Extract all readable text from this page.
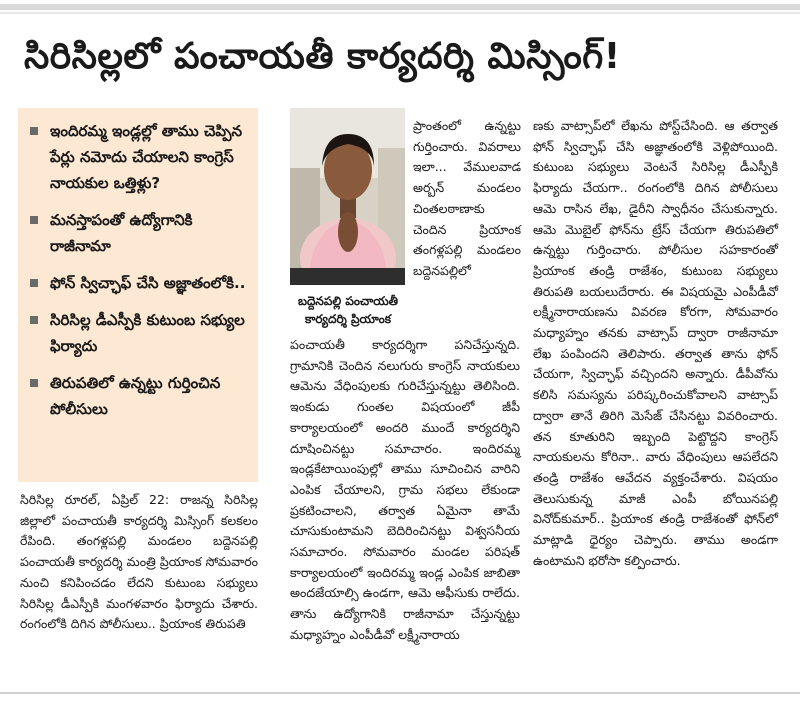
సిరిసిల్లలో పంచాయతీ కార్యదర్శి మిస్సింగ్!
ఇందిరమ్మ ఇండ్లల్లో తాము చెప్పిన పేర్లు నమోదు చేయాలని కాంగ్రెస్ నాయకుల ఒత్తిళ్లు?
మనస్తాపంతో ఉద్యోగానికి రాజీనామా
ఫోన్ స్విచ్ఛాఫ్ చేసి అజ్ఞాతంలోకి..
సిరిసిల్ల డీఎస్పీకి కుటుంబ సభ్యుల ఫిర్యాదు
తిరుపతిలో ఉన్నట్టు గుర్తించిన పోలీసులు
బద్దెనపల్లి పంచాయతీ కార్యదర్శి ప్రియాంక

సిరిసిల్ల రూరల్, ఏప్రిల్ 22: రాజన్న సిరిసిల్ల జిల్లాలో పంచాయతీ కార్యదర్శి మిస్సింగ్ కలకలం రేపింది. తంగళ్లపల్లి మండలం బద్దెనపల్లి పంచాయతీ కార్యదర్శి మంత్రి ప్రియాంక సోమవారం నుంచి కనిపించడం లేదని కుటుంబ సభ్యులు సిరిసిల్ల డీఎస్పీకి మంగళవారం ఫిర్యాదు చేశారు. రంగంలోకి దిగిన పోలీసులు.. ప్రియాంక తిరుపతి

ప్రాంతంలో ఉన్నట్టు గుర్తించారు. వివరాలు ఇలా... వేములవాడ అర్బన్ మండలం చింతలఠాణాకు చెందిన ప్రియాంక తంగళ్లపల్లి మండలం బద్దెనపల్లిలో

పంచాయతీ కార్యదర్శిగా పనిచేస్తున్నది. గ్రామానికి చెందిన నలుగురు కాంగ్రెస్ నాయకులు ఆమెను వేధింపులకు గురిచేస్తున్నట్టు తెలిసింది. ఇంకుడు గుంతల విషయంలో జీపీ కార్యాలయంలో అందరి ముందే కార్యదర్శిని దూషించినట్టు సమాచారం. ఇందిరమ్మ ఇండ్లకేటాయింపుల్లో తాము సూచించిన వారిని ఎంపిక చేయాలని, గ్రామ సభలు లేకుండా ప్రకటించాలని, తర్వాత ఏమైనా తామే చూసుకుంటామని బెదిరించినట్టు విశ్వసనీయ సమాచారం. సోమవారం మండల పరిషత్ కార్యాలయంలో ఇందిరమ్మ ఇండ్ల ఎంపిక జాబితా అందజేయాల్సి ఉండగా, ఆమె ఆఫీసుకు రాలేదు. తాను ఉద్యోగానికి రాజీనామా చేస్తున్నట్టు మధ్యాహ్నం ఎంపీడీవో లక్ష్మీనారాయ

ణకు వాట్సాప్‌లో లేఖను పోస్ట్‌చేసింది. ఆ తర్వాత ఫోన్ స్విచ్ఛాఫ్ చేసి అజ్ఞాతంలోకి వెళ్లిపోయింది. కుటుంబ సభ్యులు వెంటనే సిరిసిల్ల డీఎస్పీకి ఫిర్యాదు చేయగా.. రంగంలోకి దిగిన పోలీసులు ఆమె రాసిన లేఖ, డైరీని స్వాధీనం చేసుకున్నారు. ఆమె మొబైల్ ఫోన్‌ను ట్రేస్ చేయగా తిరుపతిలో ఉన్నట్టు గుర్తించారు. పోలీసుల సహకారంతో ప్రియాంక తండ్రి రాజేశం, కుటుంబ సభ్యులు తిరుపతి బయలుదేరారు. ఈ విషయమై ఎంపీడీవో లక్ష్మీనారాయణను వివరణ కోరగా, సోమవారం మధ్యాహ్నం తనకు వాట్సాప్ ద్వారా రాజీనామా లేఖ పంపిందని తెలిపారు. తర్వాత తాను ఫోన్ చేయగా, స్విచ్ఛాఫ్ వచ్చిందని అన్నారు. డీపీవోను కలిసి సమస్యను పరిష్కరించుకోవాలని వాట్సాప్ ద్వారా తానే తిరిగి మెసేజ్ చేసినట్టు వివరించారు. తన కూతురిని ఇబ్బంది పెట్టొద్దని కాంగ్రెస్ నాయకులను కోరినా.. వారు వేధింపులు ఆపలేదని తండ్రి రాజేశం ఆవేదన వ్యక్తంచేశారు. విషయం తెలుసుకున్న మాజీ ఎంపీ బోయినపల్లి వినోద్‌కుమార్.. ప్రియాంక తండ్రి రాజేశంతో ఫోన్‌లో మాట్లాడి ధైర్యం చెప్పారు. తాము అండగా ఉంటామని భరోసా కల్పించారు.
